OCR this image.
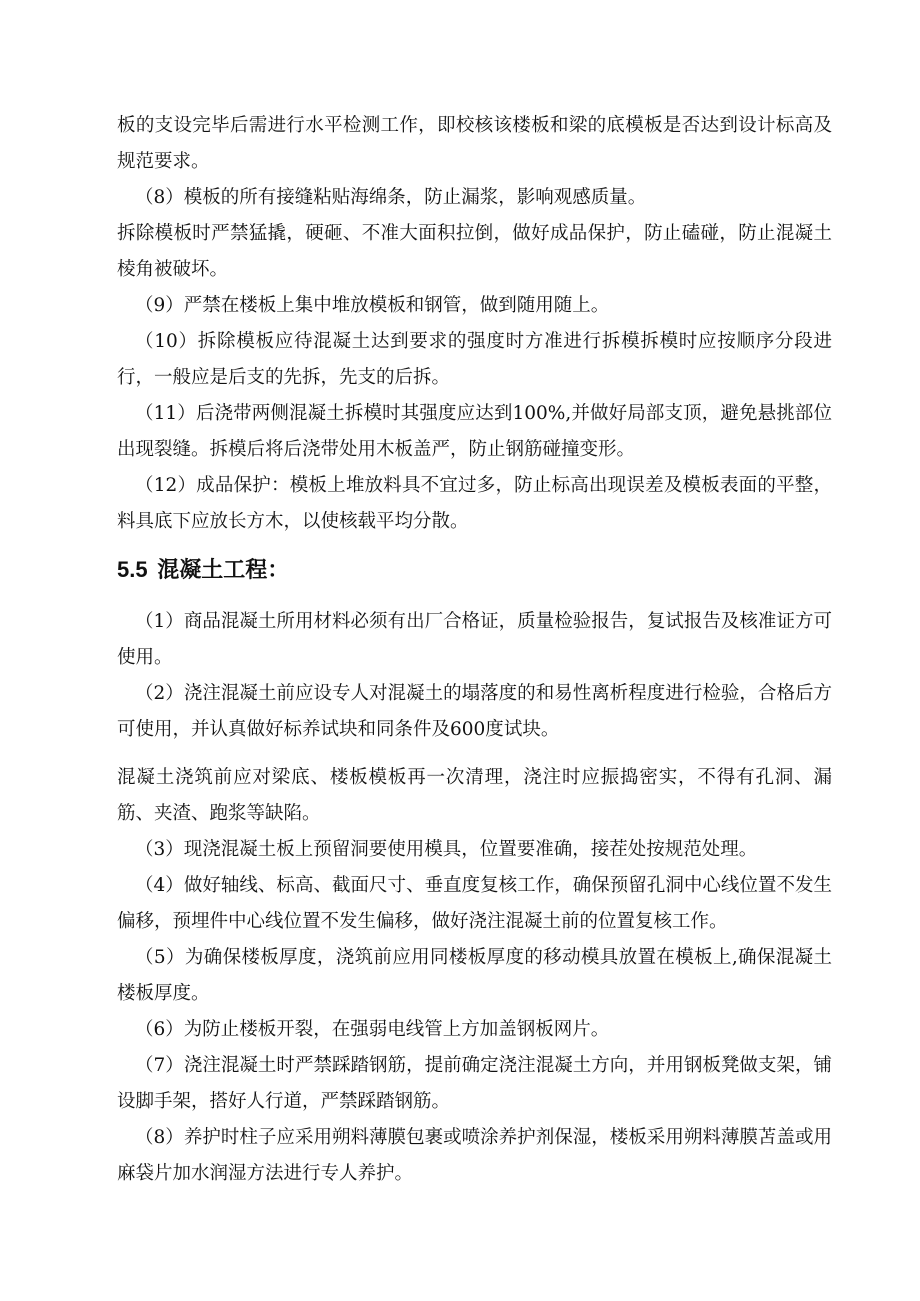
板的支设完毕后需进行水平检测工作，即校核该楼板和梁的底模板是否达到设计标高及规范要求。

（8）模板的所有接缝粘贴海绵条，防止漏浆，影响观感质量。

拆除模板时严禁猛撬，硬砸、不准大面积拉倒，做好成品保护，防止磕碰，防止混凝土棱角被破坏。

（9）严禁在楼板上集中堆放模板和钢管，做到随用随上。

（10）拆除模板应待混凝土达到要求的强度时方准进行拆模拆模时应按顺序分段进行，一般应是后支的先拆，先支的后拆。

（11）后浇带两侧混凝土拆模时其强度应达到100%,并做好局部支顶，避免悬挑部位出现裂缝。拆模后将后浇带处用木板盖严，防止钢筋碰撞变形。

（12）成品保护：模板上堆放料具不宜过多，防止标高出现误差及模板表面的平整，料具底下应放长方木，以使核载平均分散。

5.5 混凝土工程：

（1）商品混凝土所用材料必须有出厂合格证，质量检验报告，复试报告及核准证方可使用。

（2）浇注混凝土前应设专人对混凝土的塌落度的和易性离析程度进行检验，合格后方可使用，并认真做好标养试块和同条件及600度试块。

混凝土浇筑前应对梁底、楼板模板再一次清理，浇注时应振捣密实，不得有孔洞、漏筋、夹渣、跑浆等缺陷。

（3）现浇混凝土板上预留洞要使用模具，位置要准确，接茬处按规范处理。

（4）做好轴线、标高、截面尺寸、垂直度复核工作，确保预留孔洞中心线位置不发生偏移，预埋件中心线位置不发生偏移，做好浇注混凝土前的位置复核工作。

（5）为确保楼板厚度，浇筑前应用同楼板厚度的移动模具放置在模板上,确保混凝土楼板厚度。

（6）为防止楼板开裂，在强弱电线管上方加盖钢板网片。

（7）浇注混凝土时严禁踩踏钢筋，提前确定浇注混凝土方向，并用钢板凳做支架，铺设脚手架，搭好人行道，严禁踩踏钢筋。

（8）养护时柱子应采用朔料薄膜包裹或喷涂养护剂保湿，楼板采用朔料薄膜苫盖或用麻袋片加水润湿方法进行专人养护。
